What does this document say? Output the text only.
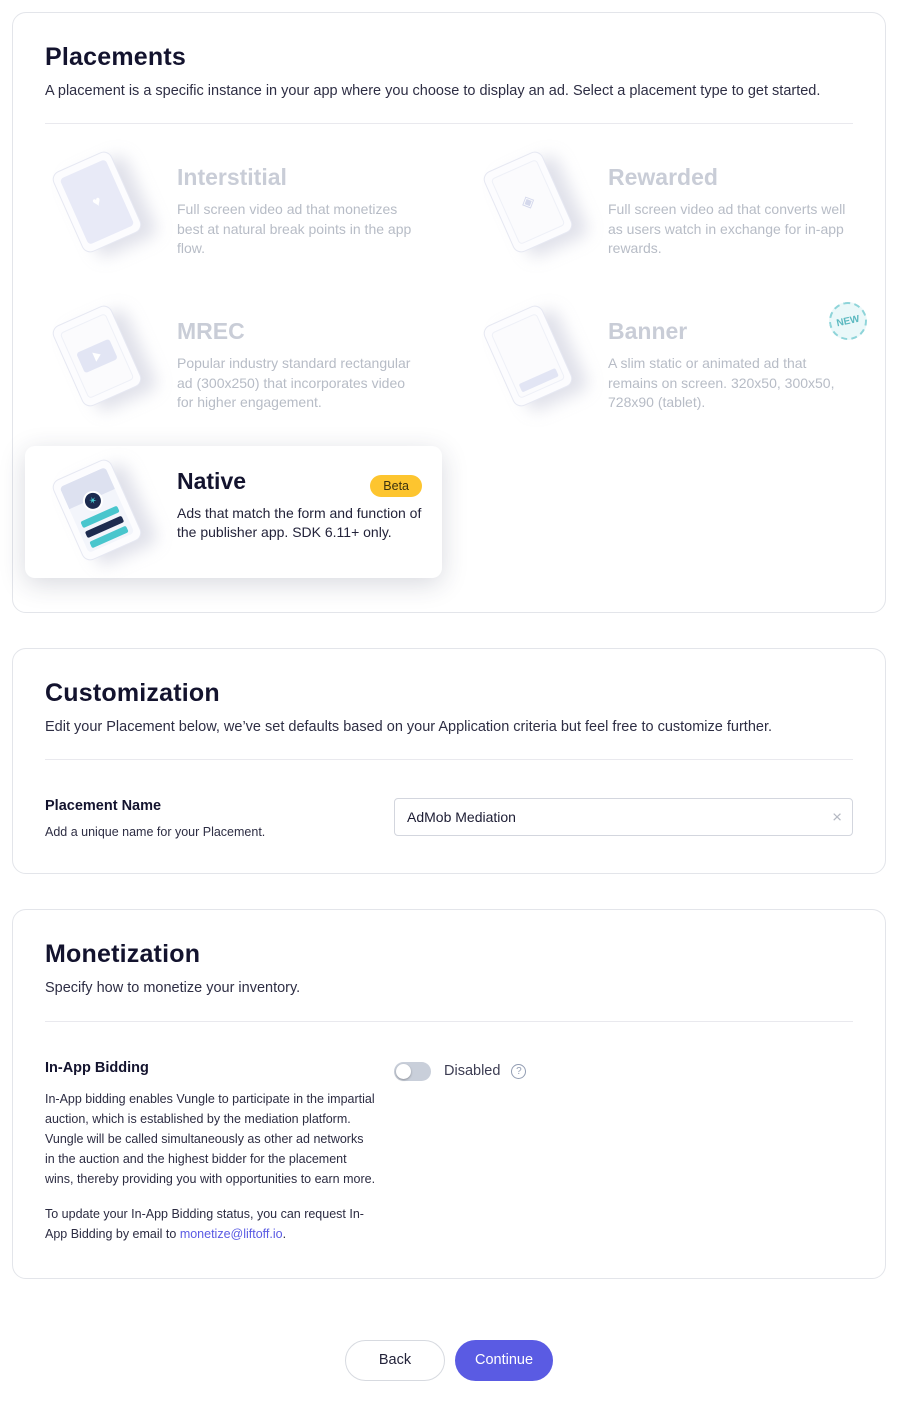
Placements

A placement is a specific instance in your app where you choose to display an ad. Select a placement type to get started.

♥
Interstitial

Full screen video ad that monetizes best at natural break points in the app flow.

◈
Rewarded

Full screen video ad that converts well as users watch in exchange for in-app rewards.

MREC

Popular industry standard rectangular ad (300x250) that incorporates video for higher engagement.

Banner

A slim static or animated ad that remains on screen. 320x50, 300x50, 728x90 (tablet).

NEW
✶
Native	Beta

Ads that match the form and function of the publisher app. SDK 6.11+ only.

Customization

Edit your Placement below, we’ve set defaults based on your Application criteria but feel free to customize further.

Placement Name
Add a unique name for your Placement.
AdMob Mediation
×
Monetization

Specify how to monetize your inventory.

In-App Bidding

In-App bidding enables Vungle to participate in the impartial auction, which is established by the mediation platform. Vungle will be called simultaneously as other ad networks in the auction and the highest bidder for the placement wins, thereby providing you with opportunities to earn more.

To update your In-App Bidding status, you can request In-App Bidding by email to monetize@liftoff.io.

Disabled	?
Back	Continue
